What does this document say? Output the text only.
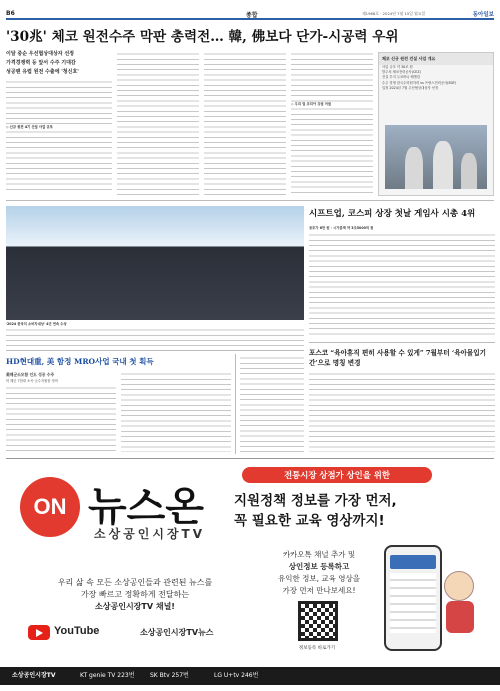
B6	종합	제1968호 · 2024년 7월 15일 월요일	동아일보
'30兆' 체코 원전수주 막판 총력전… 韓, 佛보다 단가-시공력 우위
이달 중순 우선협상대상자 선정
가격경쟁력 등 앞서 수주 기대감
성공땐 유럽 원전 수출에 '청신호'
◇ 신규 원전 4기 건설 사업 규모
◇ 우리 팀 코리아 강점 어필
체코 신규 원전 건설 사업 개요
사업 규모 약 30조 원
발주처 체코전력공사(CEZ)
건설 부지 두코바니·테멜린
수주 경쟁 한국수력원자력 vs 프랑스전력공사(EDF)
일정 2024년 7월 우선협상대상자 선정
'2024 한국의 소비자대상' 4년 연속 수상
시프트업, 코스피 상장 첫날 게임사 시총 4위
공모가 6만 원 · 시가총액 약 3조5000억 원
HD현대重, 美 함정 MRO사업 국내 첫 획득
美해군소모함 인도 성공 수주
미 해군 7함대 소속 군수지원함 정비
포스코 “육아휴직 편히 사용할 수 있게” 7월부터 ‘육아몰입기간’으로 명칭 변경
ON 뉴스온
소상공인시장TV
우리 삶 속 모든 소상공인들과 관련된 뉴스를
가장 빠르고 정확하게 전달하는
소상공인시장TV 채널!
YouTube	소상공인시장TV뉴스
전통시장 상점가 상인을 위한
지원정책 정보를 가장 먼저,
꼭 필요한 교육 영상까지!
카카오톡 채널 추가 및
상인정보 등록하고
유익한 정보, 교육 영상을
가장 먼저 만나보세요!
정보등록 바로가기
소상공인시장TV	KT genie TV 223번	SK Btv 257번	LG U+tv 246번
